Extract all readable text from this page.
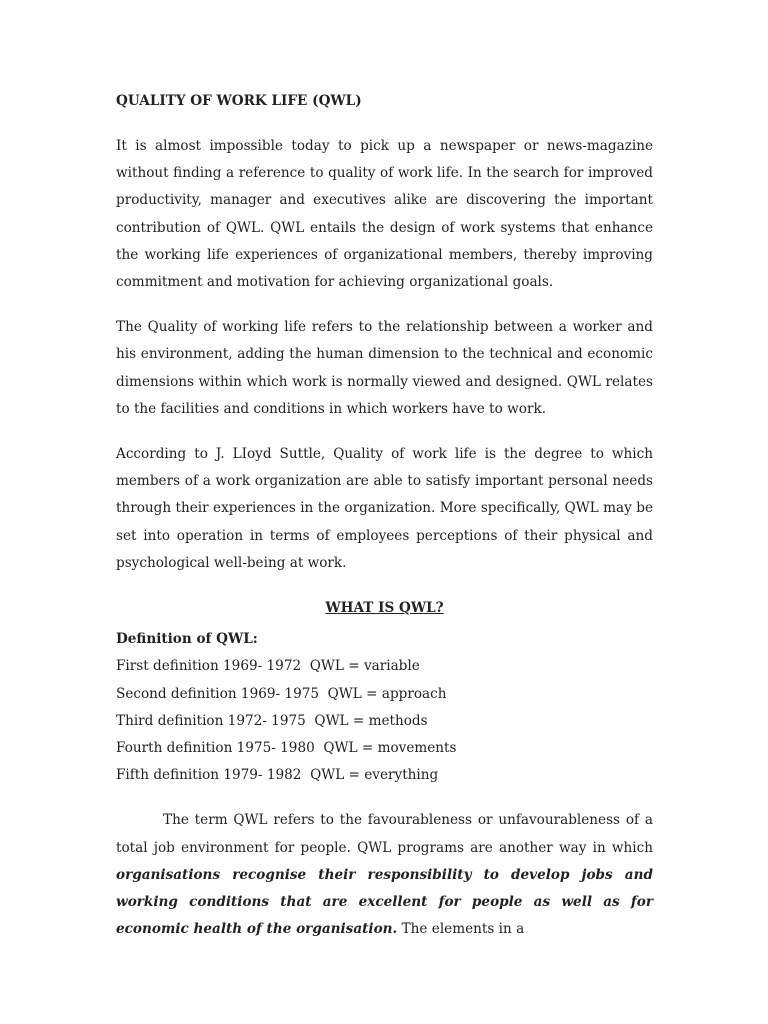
QUALITY OF WORK LIFE (QWL)

It is almost impossible today to pick up a newspaper or news-magazine without finding a reference to quality of work life. In the search for improved productivity, manager and executives alike are discovering the important contribution of QWL. QWL entails the design of work systems that enhance the working life experiences of organizational members, thereby improving commitment and motivation for achieving organizational goals.

The Quality of working life refers to the relationship between a worker and his environment, adding the human dimension to the technical and economic dimensions within which work is normally viewed and designed. QWL relates to the facilities and conditions in which workers have to work.

According to J. LIoyd Suttle, Quality of work life is the degree to which members of a work organization are able to satisfy important personal needs through their experiences in the organization. More specifically, QWL may be set into operation in terms of employees perceptions of their physical and psychological well-being at work.

WHAT IS QWL?
Definition of QWL:
First definition 1969- 1972  QWL = variable
Second definition 1969- 1975  QWL = approach
Third definition 1972- 1975  QWL = methods
Fourth definition 1975- 1980  QWL = movements
Fifth definition 1979- 1982  QWL = everything

The term QWL refers to the favourableness or unfavourableness of a total job environment for people. QWL programs are another way in which organisations recognise their responsibility to develop jobs and working conditions that are excellent for people as well as for economic health of the organisation. The elements in a
